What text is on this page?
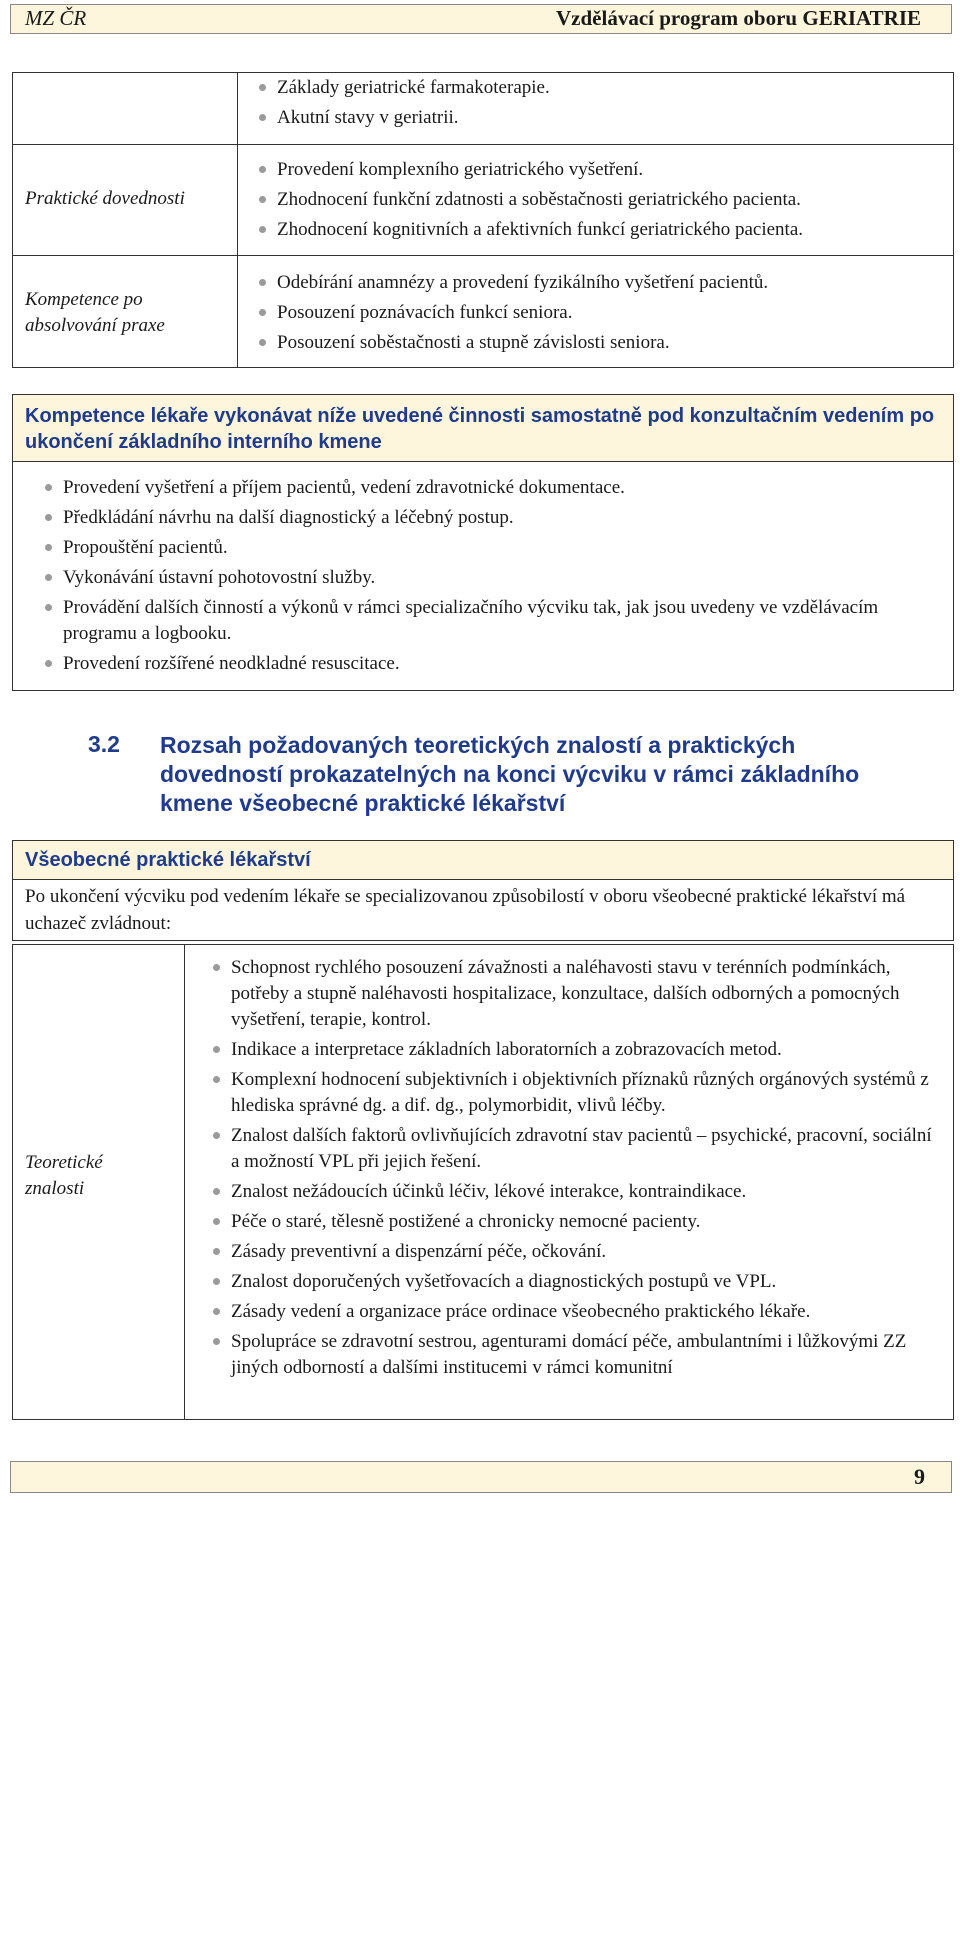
MZ ČR	Vzdělávací program oboru GERIATRIE
Základy geriatrické farmakoterapie.
Akutní stavy v geriatrii.
Praktické dovednosti
Provedení komplexního geriatrického vyšetření.
Zhodnocení funkční zdatnosti a soběstačnosti geriatrického pacienta.
Zhodnocení kognitivních a afektivních funkcí geriatrického pacienta.
Kompetence po
absolvování praxe
Odebírání anamnézy a provedení fyzikálního vyšetření pacientů.
Posouzení poznávacích funkcí seniora.
Posouzení soběstačnosti a stupně závislosti seniora.
Kompetence lékaře vykonávat níže uvedené činnosti samostatně pod konzultačním vedením po ukončení základního interního kmene
Provedení vyšetření a příjem pacientů, vedení zdravotnické dokumentace.
Předkládání návrhu na další diagnostický a léčebný postup.
Propouštění pacientů.
Vykonávání ústavní pohotovostní služby.
Provádění dalších činností a výkonů v rámci specializačního výcviku tak, jak jsou uvedeny ve vzdělávacím programu a logbooku.
Provedení rozšířené neodkladné resuscitace.
3.2 Rozsah požadovaných teoretických znalostí a praktických dovedností prokazatelných na konci výcviku v rámci základního kmene všeobecné praktické lékařství
Všeobecné praktické lékařství
Po ukončení výcviku pod vedením lékaře se specializovanou způsobilostí v oboru všeobecné praktické lékařství má uchazeč zvládnout:
Teoretické
znalosti
Schopnost rychlého posouzení závažnosti a naléhavosti stavu v terénních podmínkách, potřeby a stupně naléhavosti hospitalizace, konzultace, dalších odborných a pomocných vyšetření, terapie, kontrol.
Indikace a interpretace základních laboratorních a zobrazovacích metod.
Komplexní hodnocení subjektivních i objektivních příznaků různých orgánových systémů z hlediska správné dg. a dif. dg., polymorbidit, vlivů léčby.
Znalost dalších faktorů ovlivňujících zdravotní stav pacientů – psychické, pracovní, sociální a možností VPL při jejich řešení.
Znalost nežádoucích účinků léčiv, lékové interakce, kontraindikace.
Péče o staré, tělesně postižené a chronicky nemocné pacienty.
Zásady preventivní a dispenzární péče, očkování.
Znalost doporučených vyšetřovacích a diagnostických postupů ve VPL.
Zásady vedení a organizace práce ordinace všeobecného praktického lékaře.
Spolupráce se zdravotní sestrou, agenturami domácí péče, ambulantními i lůžkovými ZZ jiných odborností a dalšími institucemi v rámci komunitní
9
